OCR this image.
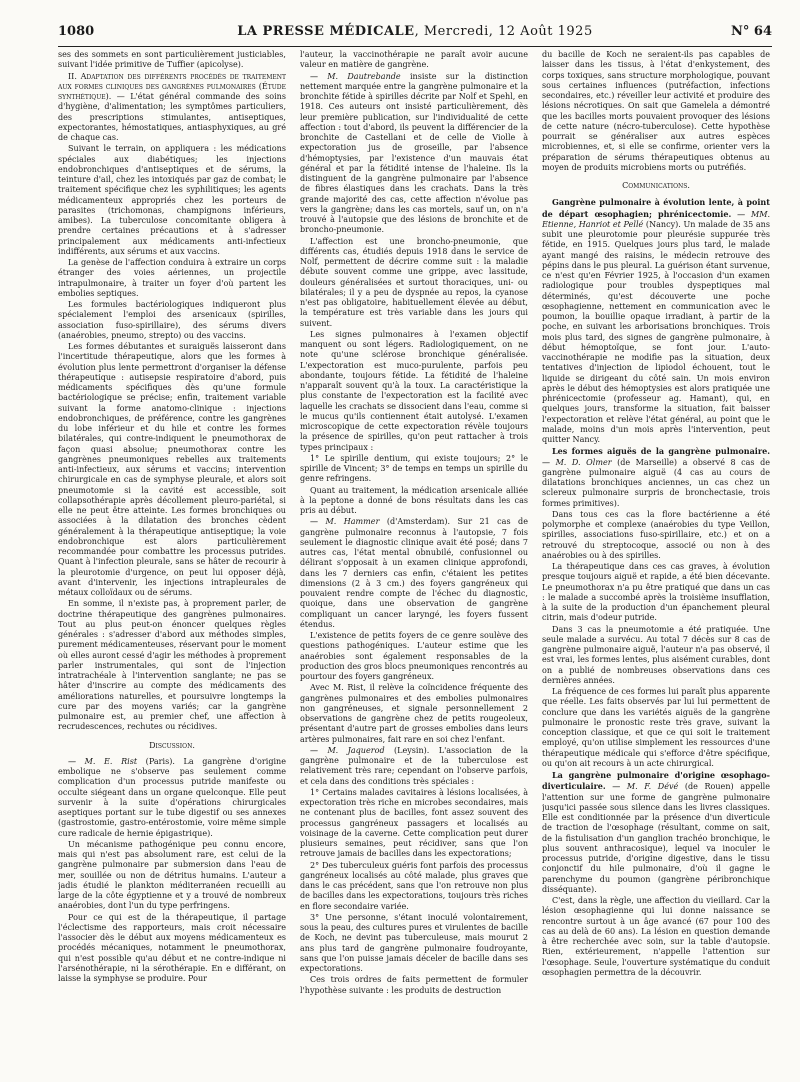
1080	LA PRESSE MÉDICALE, Mercredi, 12 Août 1925	N° 64

ses des sommets en sont particulièrement justiciables, suivant l'idée primitive de Tuffier (apicolyse).

II. Adaptation des différents procédés de traitement aux formes cliniques des gangrènes pulmonaires (Étude synthétique). — L'état général commande des soins d'hygiène, d'alimentation; les symptômes particuliers, des prescriptions stimulantes, antiseptiques, expectorantes, hémostatiques, antiasphyxiques, au gré de chaque cas.

Suivant le terrain, on appliquera : les médications spéciales aux diabétiques; les injections endobronchiques d'antiseptiques et de sérums, la teinture d'ail, chez les intoxiqués par gaz de combat; le traitement spécifique chez les syphilitiques; les agents médicamenteux appropriés chez les porteurs de parasites (trichomonas, champignons inférieurs, amibes). La tuberculose concomitante obligera à prendre certaines précautions et à s'adresser principalement aux médicaments anti-infectieux indifférents, aux sérums et aux vaccins.

La genèse de l'affection conduira à extraire un corps étranger des voies aériennes, un projectile intrapulmonaire, à traiter un foyer d'où partent les embolies septiques.

Les formules bactériologiques indiqueront plus spécialement l'emploi des arsenicaux (spirilles, association fuso-spirillaire), des sérums divers (anaérobies, pneumo, strepto) ou des vaccins.

Les formes débutantes et suraiguës laisseront dans l'incertitude thérapeutique, alors que les formes à évolution plus lente permettront d'organiser la défense thérapeutique : autisepsie respiratoire d'abord, puis médicaments spécifiques dès qu'une formule bactériologique se précise; enfin, traitement variable suivant la forme anatomo-clinique : injections endobronchiques, de préférence, contre les gangrènes du lobe inférieur et du hile et contre les formes bilatérales, qui contre-indiquent le pneumothorax de façon quasi absolue; pneumothorax contre les gangrènes pneumoniques rebelles aux traitements anti-infectieux, aux sérums et vaccins; intervention chirurgicale en cas de symphyse pleurale, et alors soit pneumotomie si la cavité est accessible, soit collapsothérapie après décollement pleuro-pariétal, si elle ne peut être atteinte. Les formes bronchiques ou associées à la dilatation des bronches cèdent généralement à la thérapeutique antiseptique; la voie endobronchique est alors particulièrement recommandée pour combattre les processus putrides. Quant à l'infection pleurale, sans se hâter de recourir à la pleurotomie d'urgence, on peut lui opposer déjà, avant d'intervenir, les injections intrapleurales de métaux colloïdaux ou de sérums.

En somme, il n'existe pas, à proprement parler, de doctrine thérapeutique des gangrènes pulmonaires. Tout au plus peut-on énoncer quelques règles générales : s'adresser d'abord aux méthodes simples, purement médicamenteuses, réservant pour le moment où elles auront cessé d'agir les méthodes à proprement parler instrumentales, qui sont de l'injection intratrachéale à l'intervention sanglante; ne pas se hâter d'inscrire au compte des médicaments des améliorations naturelles, et poursuivre longtemps la cure par des moyens variés; car la gangrène pulmonaire est, au premier chef, une affection à recrudescences, rechutes ou récidives.

Discussion.

— M. E. Rist (Paris). La gangrène d'origine embolique ne s'observe pas seulement comme complication d'un processus putride manifeste ou occulte siégeant dans un organe quelconque. Elle peut survenir à la suite d'opérations chirurgicales aseptiques portant sur le tube digestif ou ses annexes (gastrostomie, gastro-entérostomie, voire même simple cure radicale de hernie épigastrique).

Un mécanisme pathogénique peu connu encore, mais qui n'est pas absolument rare, est celui de la gangrène pulmonaire par submersion dans l'eau de mer, souillée ou non de détritus humains. L'auteur a jadis étudié le plankton méditerranéen recueilli au large de la côte égyptienne et y a trouvé de nombreux anaérobies, dont l'un du type perfringens.

Pour ce qui est de la thérapeutique, il partage l'éclectisme des rapporteurs, mais croit nécessaire l'associer dès le début aux moyens médicamenteux es procédés mécaniques, notamment le pneumothorax, qui n'est possible qu'au début et ne contre-indique ni l'arsénothérapie, ni la sérothérapie. En e différant, on laisse la symphyse se produire. Pour

l'auteur, la vaccinothérapie ne paraît avoir aucune valeur en matière de gangrène.

— M. Dautrebande insiste sur la distinction nettement marquée entre la gangrène pulmonaire et la bronchite fétide à spirilles décrite par Nolf et Spehl, en 1918. Ces auteurs ont insisté particulièrement, dès leur première publication, sur l'individualité de cette affection : tout d'abord, ils peuvent la différencier de la bronchite de Castellani et de celle de Violle à expectoration jus de groseille, par l'absence d'hémoptysies, par l'existence d'un mauvais état général et par la fétidité intense de l'haleine. Ils la distinguent de la gangrène pulmonaire par l'absence de fibres élastiques dans les crachats. Dans la très grande majorité des cas, cette affection n'évolue pas vers la gangrène; dans les cas mortels, sauf un, on n'a trouvé à l'autopsie que des lésions de bronchite et de broncho-pneumonie.

L'affection est une broncho-pneumonie, que différents cas, étudiés depuis 1918 dans le service de Nolf, permettent de décrire comme suit : la maladie débute souvent comme une grippe, avec lassitude, douleurs généralisées et surtout thoraciques, uni- ou bilatérales; il y a peu de dyspnée au repos, la cyanose n'est pas obligatoire, habituellement élevée au début, la température est très variable dans les jours qui suivent.

Les signes pulmonaires à l'examen objectif manquent ou sont légers. Radiologiquement, on ne note qu'une sclérose bronchique généralisée. L'expectoration est muco-purulente, parfois peu abondante, toujours fétide. La fétidité de l'haleine n'apparaît souvent qu'à la toux. La caractéristique la plus constante de l'expectoration est la facilité avec laquelle les crachats se dissocient dans l'eau, comme si le mucus qu'ils contiennent était autolysé. L'examen microscopique de cette expectoration révèle toujours la présence de spirilles, qu'on peut rattacher à trois types principaux :

1° Le spirille dentium, qui existe toujours; 2° le spirille de Vincent; 3° de temps en temps un spirille du genre refringens.

Quant au traitement, la médication arsenicale alliée à la peptone a donné de bons résultats dans les cas pris au début.

— M. Hammer (d'Amsterdam). Sur 21 cas de gangrène pulmonaire reconnus à l'autopsie, 7 fois seulement le diagnostic clinique avait été posé; dans 7 autres cas, l'état mental obnubilé, confusionnel ou délirant s'opposait à un examen clinique approfondi, dans les 7 derniers cas enfin, c'étaient les petites dimensions (2 à 3 cm.) des foyers gangréneux qui pouvaient rendre compte de l'échec du diagnostic, quoique, dans une observation de gangrène compliquant un cancer laryngé, les foyers fussent étendus.

L'existence de petits foyers de ce genre soulève des questions pathogéniques. L'auteur estime que les anaérobies sont également responsables de la production des gros blocs pneumoniques rencontrés au pourtour des foyers gangréneux.

Avec M. Rist, il relève la coïncidence fréquente des gangrènes pulmonaires et des embolies pulmonaires non gangréneuses, et signale personnellement 2 observations de gangrène chez de petits rougeoleux, présentant d'autre part de grosses embolies dans leurs artères pulmonaires, fait rare en soi chez l'enfant.

— M. Jaquerod (Leysin). L'association de la gangrène pulmonaire et de la tuberculose est relativement très rare; cependant on l'observe parfois, et cela dans des conditions très spéciales :

1° Certains malades cavitaires à lésions localisées, à expectoration très riche en microbes secondaires, mais ne contenant plus de bacilles, font assez souvent des processus gangréneux passagers et localisés au voisinage de la caverne. Cette complication peut durer plusieurs semaines, peut récidiver, sans que l'on retrouve jamais de bacilles dans les expectorations;

2° Des tuberculeux guéris font parfois des processus gangréneux localisés au côté malade, plus graves que dans le cas précédent, sans que l'on retrouve non plus de bacilles dans les expectorations, toujours très riches en flore secondaire variée.

3° Une personne, s'étant inoculé volontairement, sous la peau, des cultures pures et virulentes de bacille de Koch, ne devint pas tuberculeuse, mais mourut 2 ans plus tard de gangrène pulmonaire foudroyante, sans que l'on puisse jamais déceler de bacille dans ses expectorations.

Ces trois ordres de faits permettent de formuler l'hypothèse suivante : les produits de destruction

du bacille de Koch ne seraient-ils pas capables de laisser dans les tissus, à l'état d'enkystement, des corps toxiques, sans structure morphologique, pouvant sous certaines influences (putréfaction, infections secondaires, etc.) réveiller leur activité et produire des lésions nécrotiques. On sait que Gamelela a démontré que les bacilles morts pouvaient provoquer des lésions de cette nature (nécro-tuberculose). Cette hypothèse pourrait se généraliser aux autres espèces microbiennes, et, si elle se confirme, orienter vers la préparation de sérums thérapeutiques obtenus au moyen de produits microbiens morts ou putréfiés.

Communications.

Gangrène pulmonaire à évolution lente, à point de départ œsophagien; phrénicectomie. — MM. Etienne, Hanriot et Pellé (Nancy). Un malade de 35 ans subit une pleurotomie pour pleurésie suppurée très fétide, en 1915. Quelques jours plus tard, le malade ayant mangé des raisins, le médecin retrouve des pépins dans le pus pleural. La guérison étant survenue, ce n'est qu'en Février 1925, à l'occasion d'un examen radiologique pour troubles dyspeptiques mal déterminés, qu'est découverte une poche œsophagienne, nettement en communication avec le poumon, la bouillie opaque irradiant, à partir de la poche, en suivant les arborisations bronchiques. Trois mois plus tard, des signes de gangrène pulmonaire, à début hémoptoïque, se font jour. L'auto-vaccinothérapie ne modifie pas la situation, deux tentatives d'injection de lipiodol échouent, tout le liquide se dirigeant du côté sain. Un mois environ après le début des hémoptysies est alors pratiquée une phrénicectomie (professeur ag. Hamant), qui, en quelques jours, transforme la situation, fait baisser l'expectoration et relève l'état général, au point que le malade, moins d'un mois après l'intervention, peut quitter Nancy.

Les formes aiguës de la gangrène pulmonaire. — M. D. Olmer (de Marseille) a observé 8 cas de gangrène pulmonaire aiguë (4 cas au cours de dilatations bronchiques anciennes, un cas chez un sclereux pulmonaire surpris de bronchectasie, trois formes primitives).

Dans tous ces cas la flore bactérienne a été polymorphe et complexe (anaérobies du type Veillon, spirilles, associations fuso-spirillaire, etc.) et on a retrouvé du streptocoque, associé ou non à des anaérobies ou à des spirilles.

La thérapeutique dans ces cas graves, à évolution presque toujours aiguë et rapide, a été bien décevante. Le pneumothorax n'a pu être pratiqué que dans un cas : le malade a succombé après la troisième insufflation, à la suite de la production d'un épanchement pleural citrin, mais d'odeur putride.

Dans 3 cas la pneumotomie a été pratiquée. Une seule malade a survécu. Au total 7 décès sur 8 cas de gangrène pulmonaire aiguë, l'auteur n'a pas observé, il est vrai, les formes lentes, plus aisément curables, dont on a publié de nombreuses observations dans ces dernières années.

La fréquence de ces formes lui paraît plus apparente que réelle. Les faits observés par lui lui permettent de conclure que dans les variétés aiguës de la gangrène pulmonaire le pronostic reste très grave, suivant la conception classique, et que ce qui soit le traitement employé, qu'on utilise simplement les ressources d'une thérapeutique médicale qui s'efforce d'être spécifique, ou qu'on ait recours à un acte chirurgical.

La gangrène pulmonaire d'origine œsophago-diverticulaire. — M. F. Dévé (de Rouen) appelle l'attention sur une forme de gangrène pulmonaire jusqu'ici passée sous silence dans les livres classiques. Elle est conditionnée par la présence d'un diverticule de traction de l'œsophage (résultant, comme on sait, de la fistulisation d'un ganglion trachéo bronchique, le plus souvent anthracosique), lequel va inoculer le processus putride, d'origine digestive, dans le tissu conjonctif du hile pulmonaire, d'où il gagne le parenchyme du poumon (gangrène péribronchique disséquante).

C'est, dans la règle, une affection du vieillard. Car la lésion œsophagienne qui lui donne naissance se rencontre surtout à un âge avancé (67 pour 100 des cas au delà de 60 ans). La lésion en question demande à être recherchée avec soin, sur la table d'autopsie. Rien, extérieurement, n'appelle l'attention sur l'œsophage. Seule, l'ouverture systématique du conduit œsophagien permettra de la découvrir.
